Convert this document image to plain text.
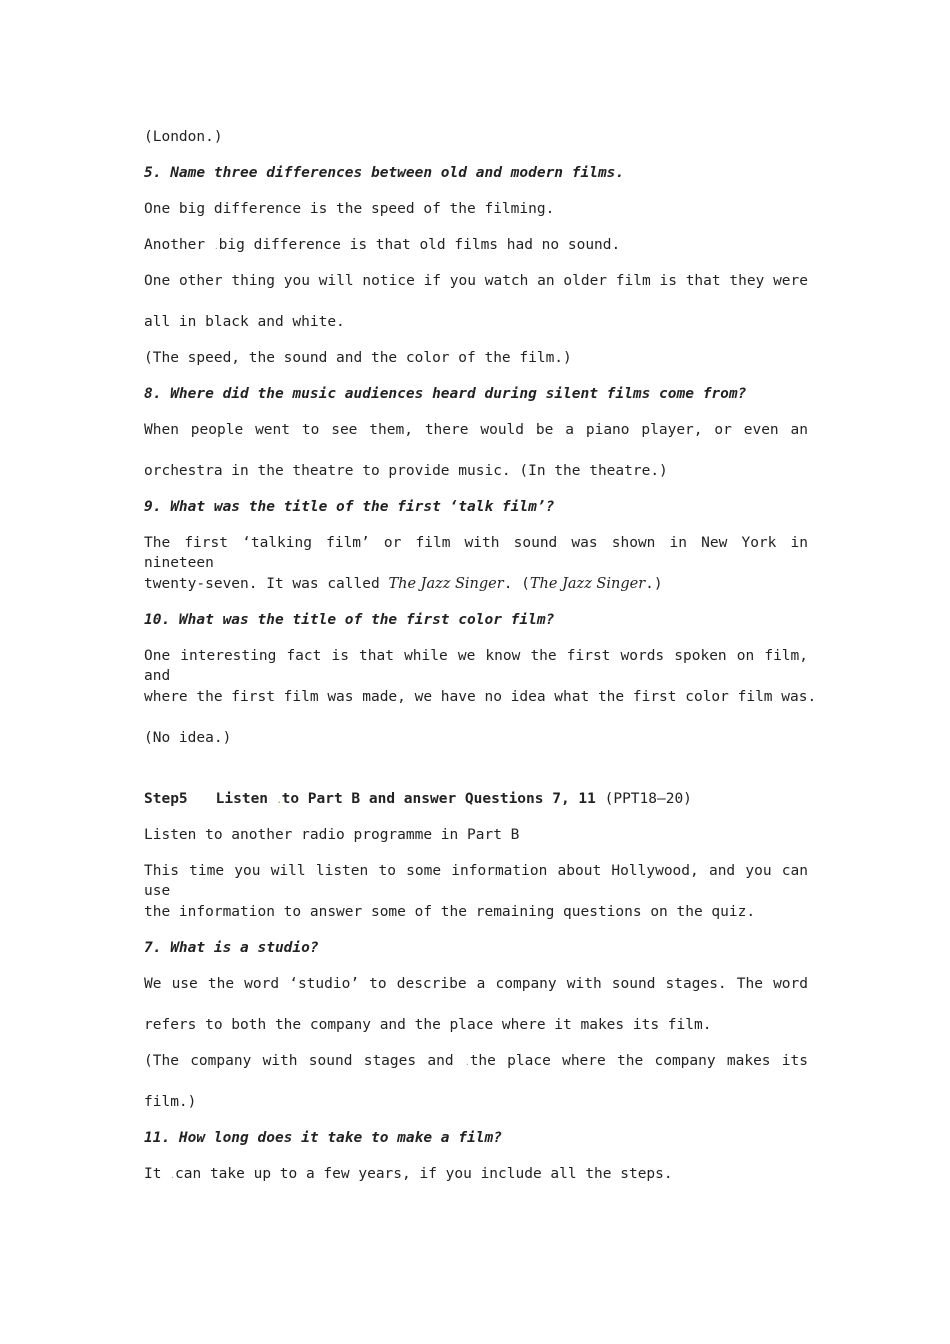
(London.)
5. Name three differences between old and modern films.
One big difference is the speed of the filming.
Another .big difference is that old films had no sound.
One other thing you will notice if you watch an older film is that they were
all in black and white.
(The speed, the sound and the color of the film.)
8. Where did the music audiences heard during silent films come from?
When people went to see them, there would be a piano player, or even an
orchestra in the theatre to provide music. (In the theatre.)
9. What was the title of the first ‘talk film’?
The first ‘talking film’ or film with sound was shown in New York in nineteen
twenty-seven. It was called The Jazz Singer. (The Jazz Singer.)
10. What was the title of the first color film?
One interesting fact is that while we know the first words spoken on film, and
where the first film was made, we have no idea what the first color film was.
(No idea.)
Step5 Listen .to Part B and answer Questions 7, 11 (PPT18—20)
Listen to another radio programme in Part B
This time you will listen to some information about Hollywood, and you can use
the information to answer some of the remaining questions on the quiz.
7. What is a studio?
We use the word ‘studio’ to describe a company with sound stages. The word
refers to both the company and the place where it makes its film.
(The company with sound stages and .the place where the company makes its
film.)
11. How long does it take to make a film?
It .can take up to a few years, if you include all the steps.
